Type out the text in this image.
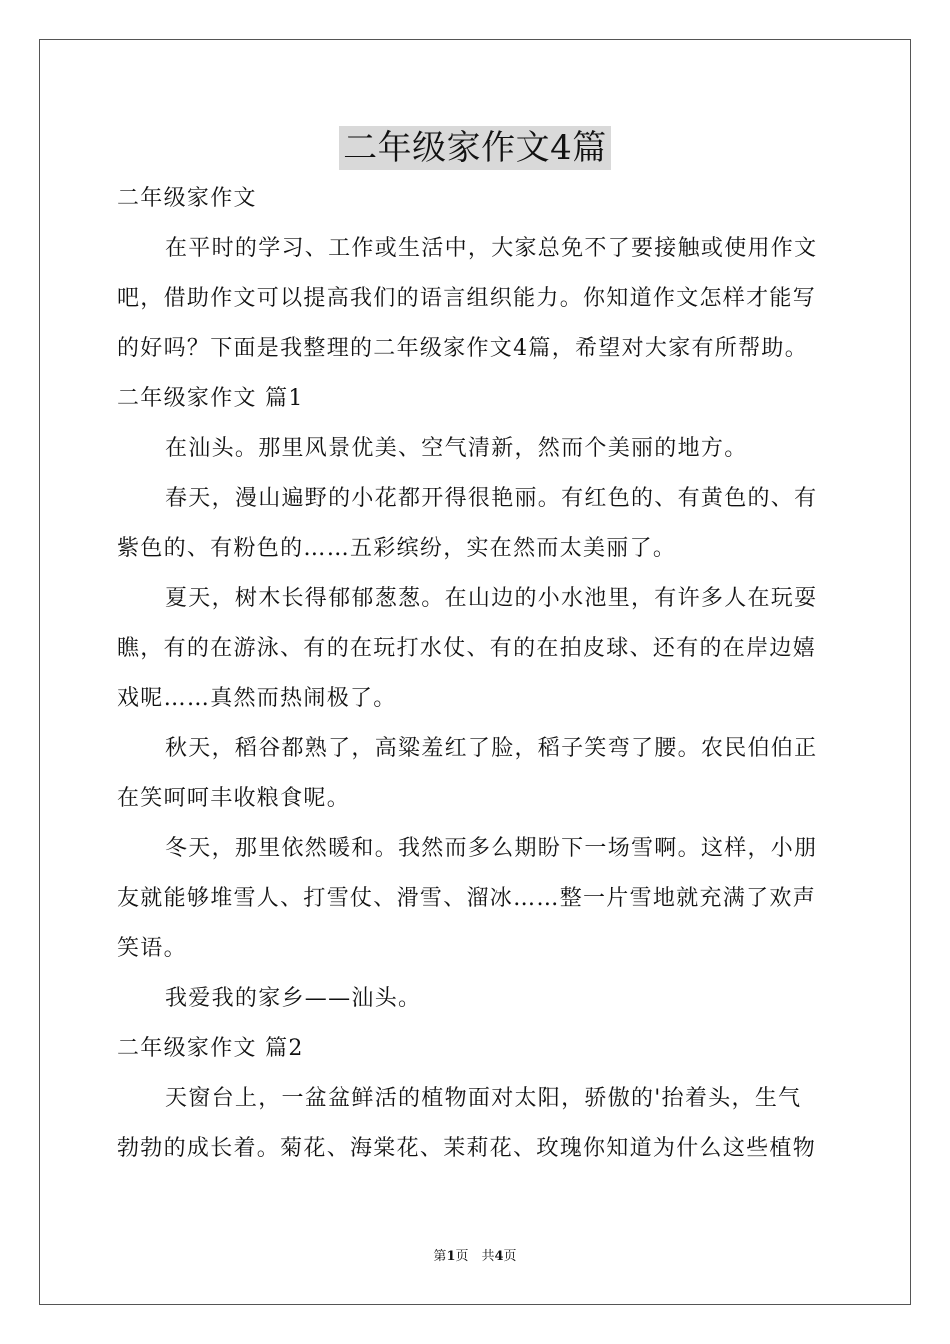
二年级家作文4篇
二年级家作文
在平时的学习、工作或生活中，大家总免不了要接触或使用作文
吧，借助作文可以提高我们的语言组织能力。你知道作文怎样才能写
的好吗？下面是我整理的二年级家作文4篇，希望对大家有所帮助。
二年级家作文 篇1
在汕头。那里风景优美、空气清新，然而个美丽的地方。
春天，漫山遍野的小花都开得很艳丽。有红色的、有黄色的、有
紫色的、有粉色的……五彩缤纷，实在然而太美丽了。
夏天，树木长得郁郁葱葱。在山边的小水池里，有许多人在玩耍
瞧，有的在游泳、有的在玩打水仗、有的在拍皮球、还有的在岸边嬉
戏呢……真然而热闹极了。
秋天，稻谷都熟了，高粱羞红了脸，稻子笑弯了腰。农民伯伯正
在笑呵呵丰收粮食呢。
冬天，那里依然暖和。我然而多么期盼下一场雪啊。这样，小朋
友就能够堆雪人、打雪仗、滑雪、溜冰……整一片雪地就充满了欢声
笑语。
我爱我的家乡——汕头。
二年级家作文 篇2
天窗台上，一盆盆鲜活的植物面对太阳，骄傲的'抬着头，生气
勃勃的成长着。菊花、海棠花、茉莉花、玫瑰你知道为什么这些植物
第1页　共4页
